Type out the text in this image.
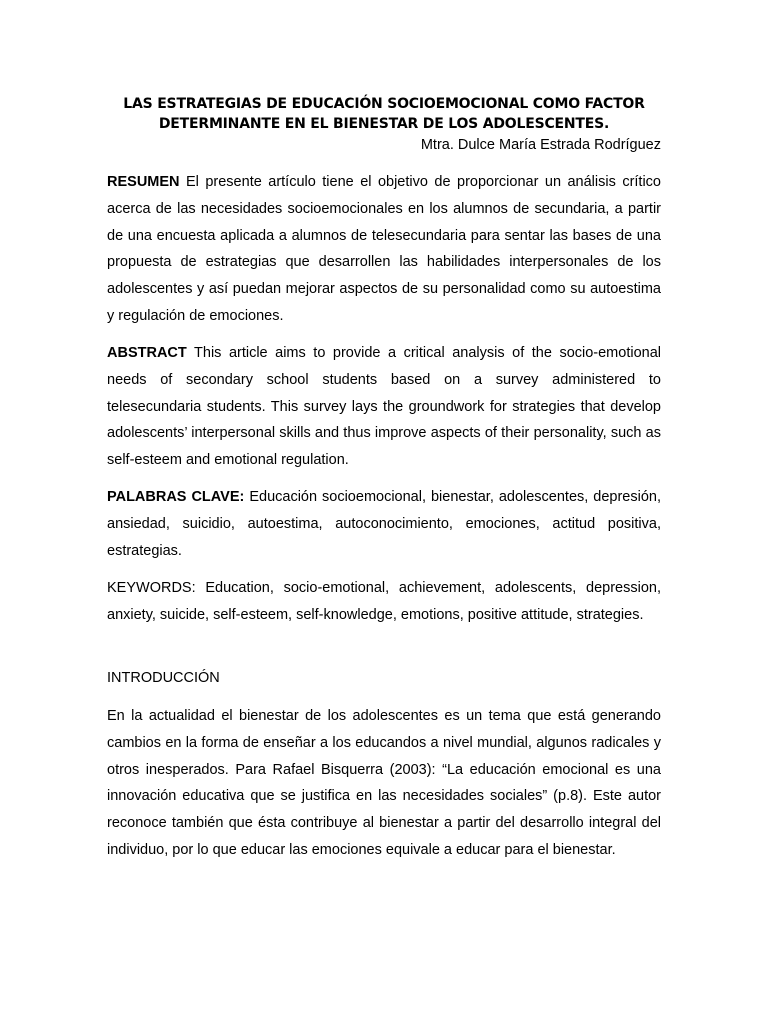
LAS ESTRATEGIAS DE EDUCACIÓN SOCIOEMOCIONAL COMO FACTOR
DETERMINANTE EN EL BIENESTAR DE LOS ADOLESCENTES.
Mtra. Dulce María Estrada Rodríguez

RESUMEN El presente artículo tiene el objetivo de proporcionar un análisis crítico acerca de las necesidades socioemocionales en los alumnos de secundaria, a partir de una encuesta aplicada a alumnos de telesecundaria para sentar las bases de una propuesta de estrategias que desarrollen las habilidades interpersonales de los adolescentes y así puedan mejorar aspectos de su personalidad como su autoestima y regulación de emociones.

ABSTRACT This article aims to provide a critical analysis of the socio-emotional needs of secondary school students based on a survey administered to telesecundaria students. This survey lays the groundwork for strategies that develop adolescents’ interpersonal skills and thus improve aspects of their personality, such as self-esteem and emotional regulation.

PALABRAS CLAVE: Educación socioemocional, bienestar, adolescentes, depresión, ansiedad, suicidio, autoestima, autoconocimiento, emociones, actitud positiva, estrategias.

KEYWORDS: Education, socio-emotional, achievement, adolescents, depression, anxiety, suicide, self-esteem, self-knowledge, emotions, positive attitude, strategies.

INTRODUCCIÓN

En la actualidad el bienestar de los adolescentes es un tema que está generando cambios en la forma de enseñar a los educandos a nivel mundial, algunos radicales y otros inesperados. Para Rafael Bisquerra (2003): “La educación emocional es una innovación educativa que se justifica en las necesidades sociales” (p.8). Este autor reconoce también que ésta contribuye al bienestar a partir del desarrollo integral del individuo, por lo que educar las emociones equivale a educar para el bienestar.
